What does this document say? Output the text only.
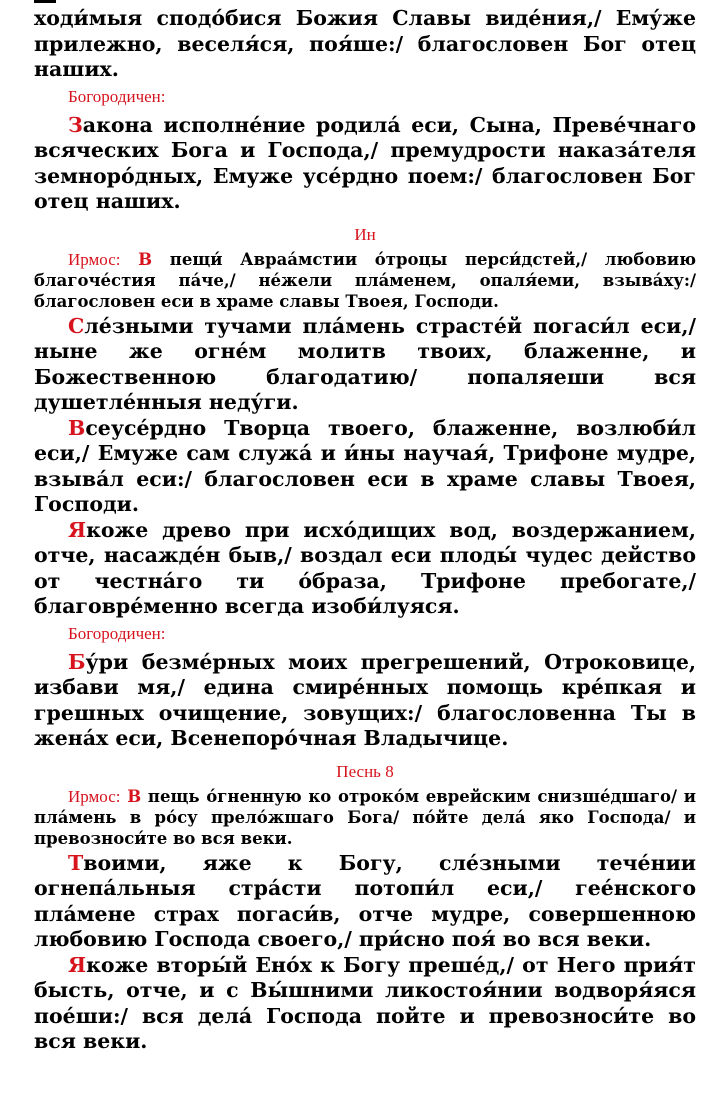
ходи́мыя сподо́бися Божия Славы виде́ния,/ Ему́же прилежно, веселя́ся, поя́ше:/ благословен Бог отец наших.

Богородичен:

Закона исполне́ние родила́ еси, Сына, Преве́чнаго всяческих Бога и Господа,/ премудрости наказа́теля земноро́дных, Емуже усе́рдно поем:/ благословен Бог отец наших.

Ин

Ирмос: В пещи́ Авраа́мстии о́троцы перси́дстей,/ любовию благоче́стия па́че,/ не́жели пла́менем, опаля́еми, взыва́ху:/ благословен еси в храме славы Твоея, Господи.

Сле́зными тучами пла́мень страсте́й погаси́л еси,/ ныне же огне́м молитв твоих, блаженне, и Божественною благодатию/ попаляеши вся душетле́нныя неду́ги.

Всеусе́рдно Творца твоего, блаженне, возлюби́л еси,/ Емуже сам служа́ и и́ны научая́, Трифоне мудре, взыва́л еси:/ благословен еси в храме славы Твоея, Господи.

Якоже древо при исхо́дищих вод, воздержанием, отче, насажде́н быв,/ воздал еси плоды́ чудес действо от честна́го ти о́браза, Трифоне пребогате,/ благовре́менно всегда изоби́луяся.

Богородичен:

Бу́ри безме́рных моих прегрешений, Отроковице, избави мя,/ едина смире́нных помощь кре́пкая и грешных очищение, зовущих:/ благословенна Ты в жена́х еси, Всенепоро́чная Владычице.

Песнь 8

Ирмос: В пещь о́гненную ко отроко́м еврейским снизше́дшаго/ и пла́мень в ро́су прело́жшаго Бога/ по́йте дела́ яко Господа/ и превозноси́те во вся веки.

Твоими, яже к Богу, сле́зными тече́нии огнепа́льныя стра́сти потопи́л еси,/ гее́нского пла́мене страх погаси́в, отче мудре, совершенною любовию Господа своего,/ при́сно поя́ во вся веки.

Якоже вторы́й Ено́х к Богу преше́д,/ от Него прия́т бысть, отче, и с Вы́шними ликостоя́нии водворя́яся пое́ши:/ вся дела́ Господа пойте и превозноси́те во вся веки.
